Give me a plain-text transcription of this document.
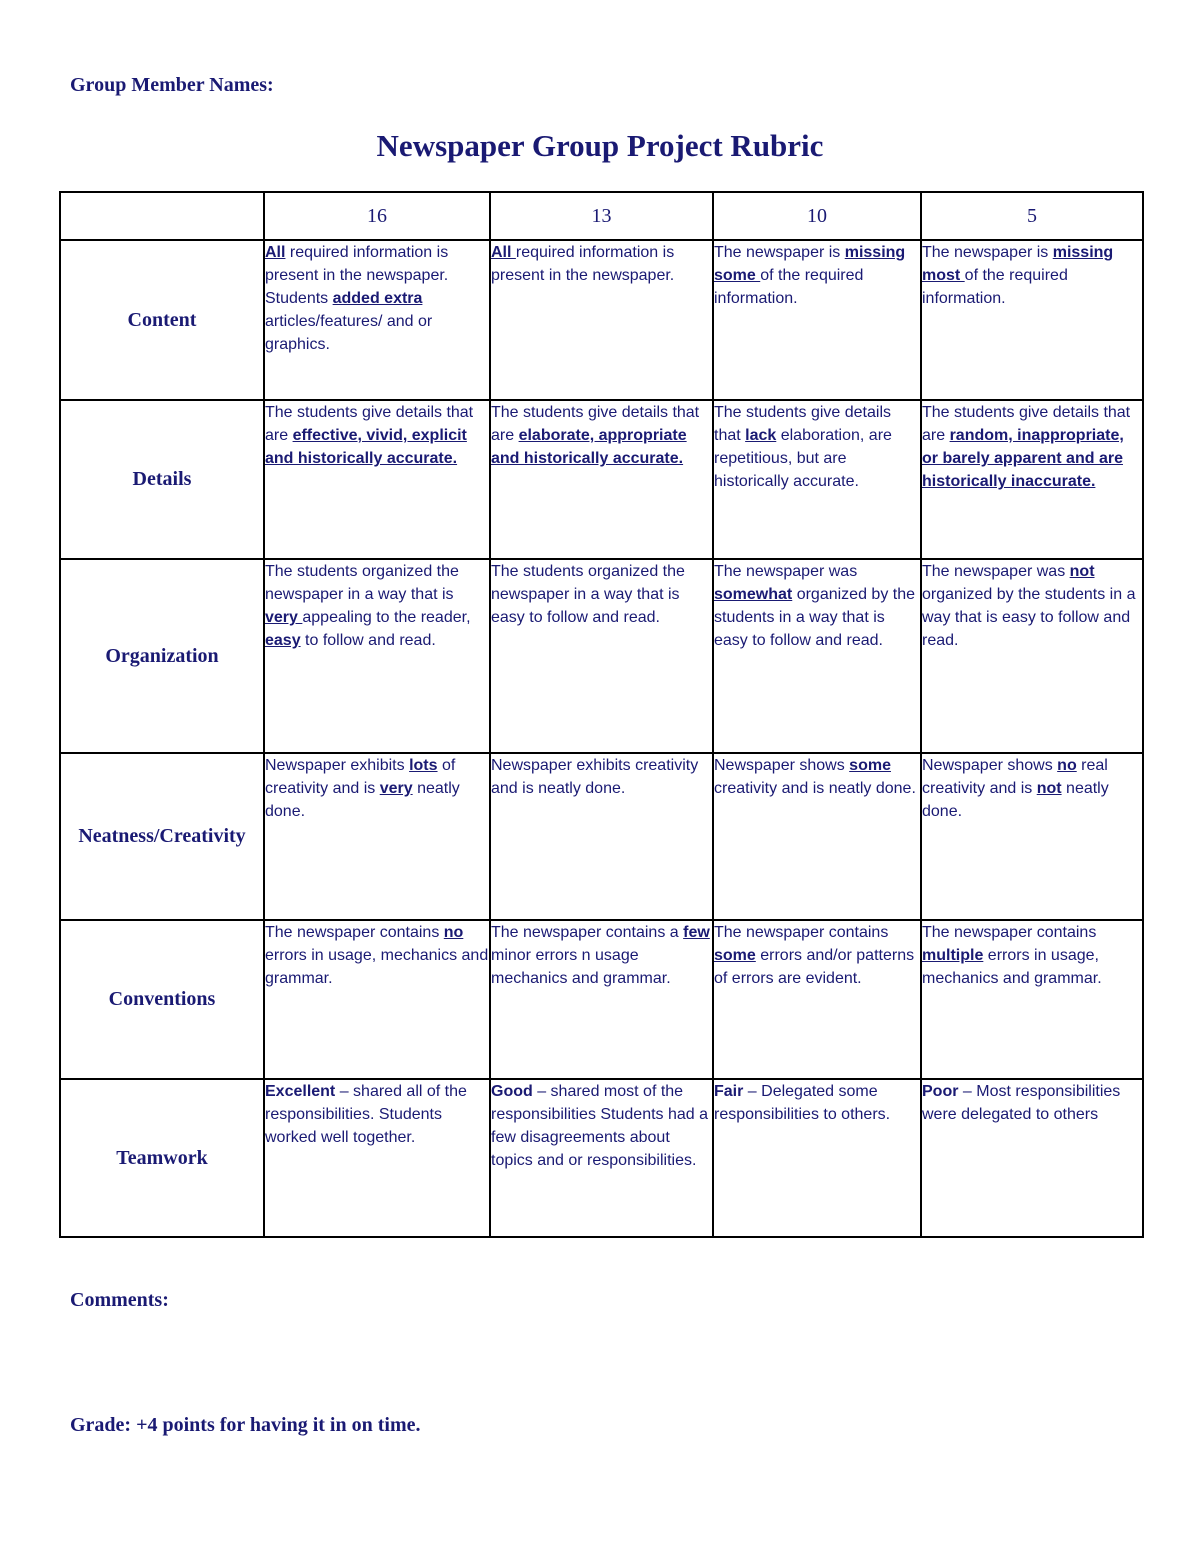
Group Member Names:
Newspaper Group Project Rubric
	16	13	10	5
Content	All required information is present in the newspaper. Students added extra articles/features/ and or graphics.	All required information is present in the newspaper.	The newspaper is missing some of the required information.	The newspaper is missing most of the required information.
Details	The students give details that are effective, vivid, explicit and historically accurate.	The students give details that are elaborate, appropriate and historically accurate.	The students give details that lack elaboration, are repetitious, but are historically accurate.	The students give details that are random, inappropriate, or barely apparent and are historically inaccurate.
Organization	The students organized the newspaper in a way that is very appealing to the reader, easy to follow and read.	The students organized the newspaper in a way that is easy to follow and read.	The newspaper was somewhat organized by the students in a way that is easy to follow and read.	The newspaper was not organized by the students in a way that is easy to follow and read.
Neatness/Creativity	Newspaper exhibits lots of creativity and is very neatly done.	Newspaper exhibits creativity and is neatly done.	Newspaper shows some creativity and is neatly done.	Newspaper shows no real creativity and is not neatly done.
Conventions	The newspaper contains no errors in usage, mechanics and grammar.	The newspaper contains a few minor errors n usage mechanics and grammar.	The newspaper contains some errors and/or patterns of errors are evident.	The newspaper contains multiple errors in usage, mechanics and grammar.
Teamwork	Excellent – shared all of the responsibilities. Students worked well together.	Good – shared most of the responsibilities Students had a few disagreements about topics and or responsibilities.	Fair – Delegated some responsibilities to others.	Poor – Most responsibilities were delegated to others
Comments:
Grade: +4 points for having it in on time.
